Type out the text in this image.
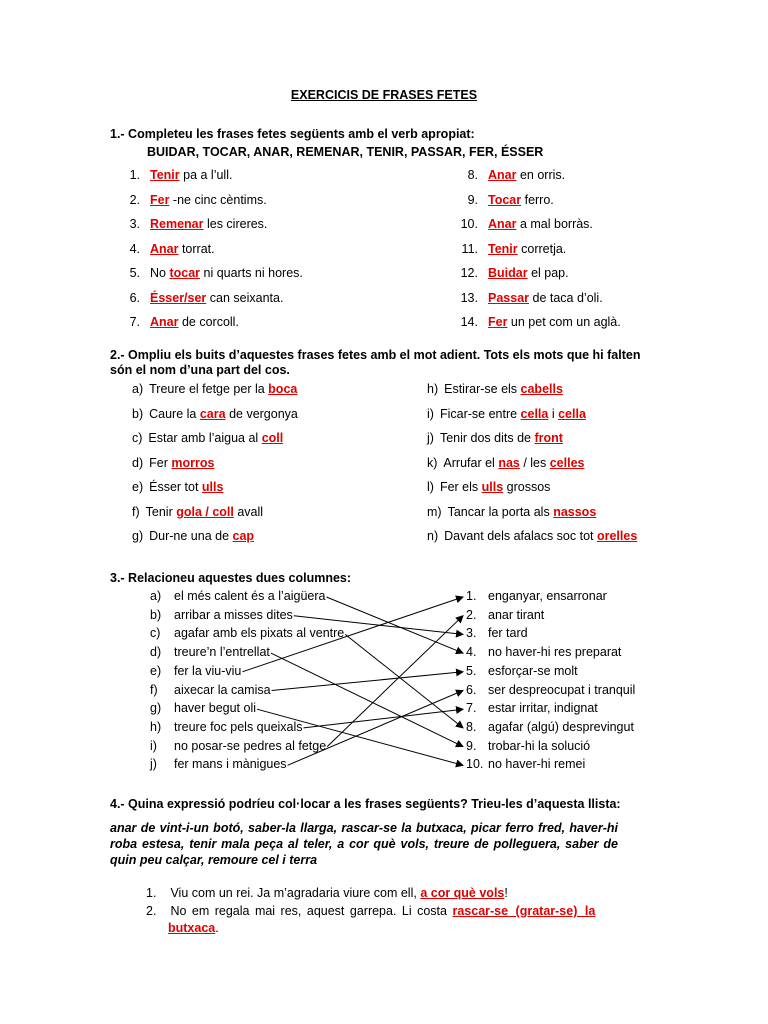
EXERCICIS DE FRASES FETES
1.- Completeu les frases fetes següents amb el verb apropiat:
BUIDAR, TOCAR, ANAR, REMENAR, TENIR, PASSAR, FER, ÉSSER
1. Tenir pa a l’ull.
2. Fer -ne cinc cèntims.
3. Remenar les cireres.
4. Anar torrat.
5. No tocar ni quarts ni hores.
6. Ésser/ser can seixanta.
7. Anar de corcoll.
8. Anar en orris.
9. Tocar ferro.
10. Anar a mal borràs.
11. Tenir corretja.
12. Buidar el pap.
13. Passar de taca d’oli.
14. Fer un pet com un aglà.
2.- Ompliu els buits d’aquestes frases fetes amb el mot adient. Tots els mots que hi falten
són el nom d’una part del cos.
a) Treure el fetge per la boca
b) Caure la cara de vergonya
c) Estar amb l’aigua al coll
d) Fer morros
e) Ésser tot ulls
f) Tenir gola / coll avall
g) Dur-ne una de cap
h) Estirar-se els cabells
i) Ficar-se entre cella i cella
j) Tenir dos dits de front
k) Arrufar el nas / les celles
l) Fer els ulls grossos
m) Tancar la porta als nassos
n) Davant dels afalacs soc tot orelles
3.- Relacioneu aquestes dues columnes:
a) el més calent és a l’aigüera
b) arribar a misses dites
c) agafar amb els pixats al ventre
d) treure’n l’entrellat
e) fer la viu-viu
f) aixecar la camisa
g) haver begut oli
h) treure foc pels queixals
i) no posar-se pedres al fetge
j) fer mans i mànigues
1. enganyar, ensarronar
2. anar tirant
3. fer tard
4. no haver-hi res preparat
5. esforçar-se molt
6. ser despreocupat i tranquil
7. estar irritar, indignat
8. agafar (algú) desprevingut
9. trobar-hi la solució
10. no haver-hi remei
4.- Quina expressió podríeu col·locar a les frases següents? Trieu-les d’aquesta llista:
anar de vint-i-un botó, saber-la llarga, rascar-se la butxaca, picar ferro fred, haver-hi roba estesa, tenir mala peça al teler, a cor què vols, treure de polleguera, saber de quin peu calçar, remoure cel i terra
1. Viu com un rei. Ja m’agradaria viure com ell, a cor què vols!
2. No em regala mai res, aquest garrepa. Li costa rascar-se (gratar-se) la
butxaca.
